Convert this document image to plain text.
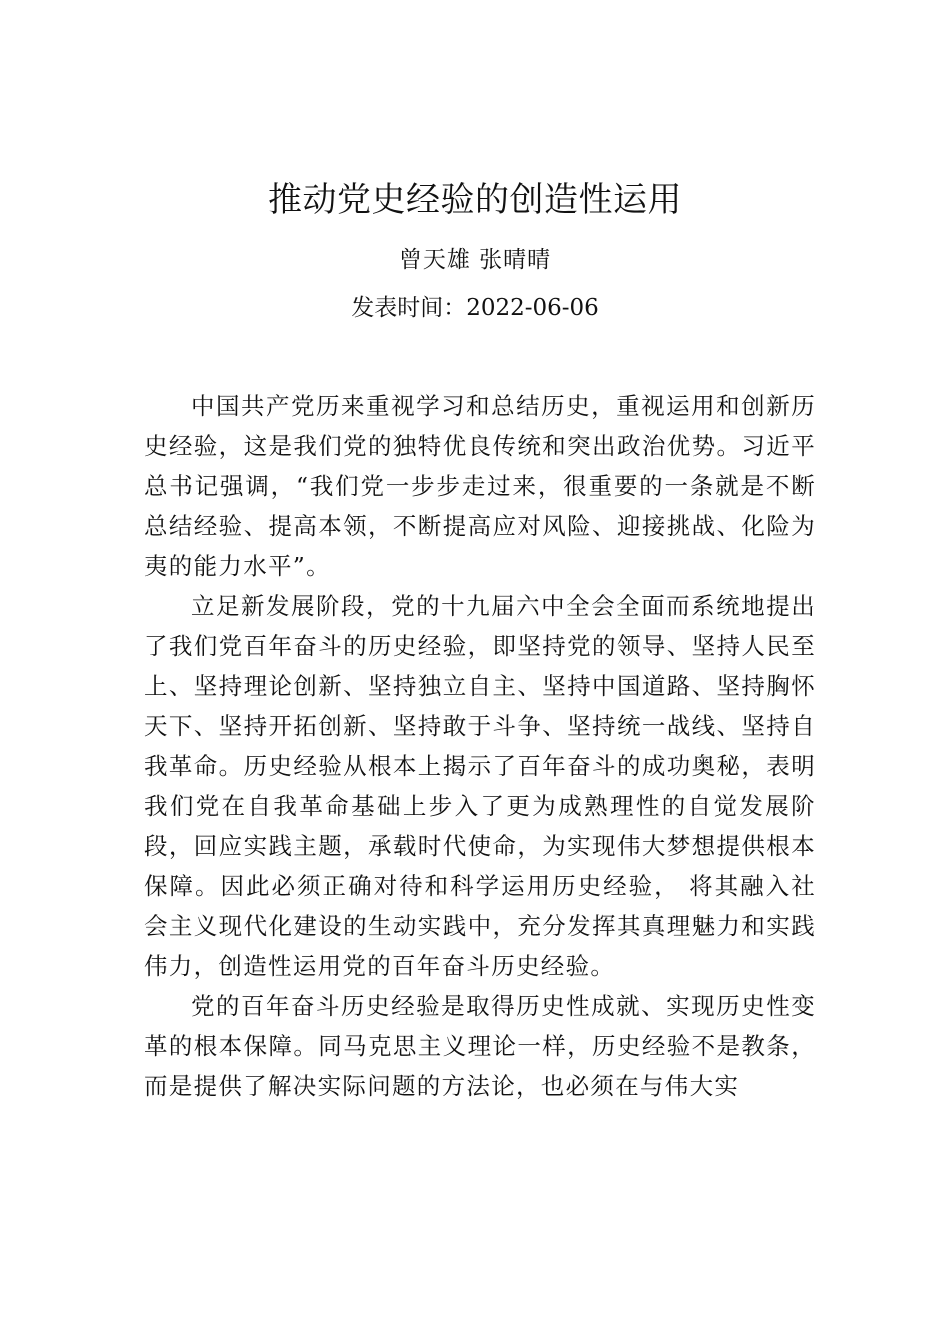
推动党史经验的创造性运用
曾天雄 张晴晴
发表时间：2022-06-06

中国共产党历来重视学习和总结历史，重视运用和创新历史经验，这是我们党的独特优良传统和突出政治优势。习近平总书记强调，“我们党一步步走过来，很重要的一条就是不断总结经验、提高本领，不断提高应对风险、迎接挑战、化险为夷的能力水平”。

立足新发展阶段，党的十九届六中全会全面而系统地提出了我们党百年奋斗的历史经验，即坚持党的领导、坚持人民至上、坚持理论创新、坚持独立自主、坚持中国道路、坚持胸怀天下、坚持开拓创新、坚持敢于斗争、坚持统一战线、坚持自我革命。历史经验从根本上揭示了百年奋斗的成功奥秘，表明我们党在自我革命基础上步入了更为成熟理性的自觉发展阶段，回应实践主题，承载时代使命，为实现伟大梦想提供根本保障。因此必须正确对待和科学运用历史经验， 将其融入社会主义现代化建设的生动实践中，充分发挥其真理魅力和实践伟力，创造性运用党的百年奋斗历史经验。

党的百年奋斗历史经验是取得历史性成就、实现历史性变革的根本保障。同马克思主义理论一样，历史经验不是教条，而是提供了解决实际问题的方法论，也必须在与伟大实
